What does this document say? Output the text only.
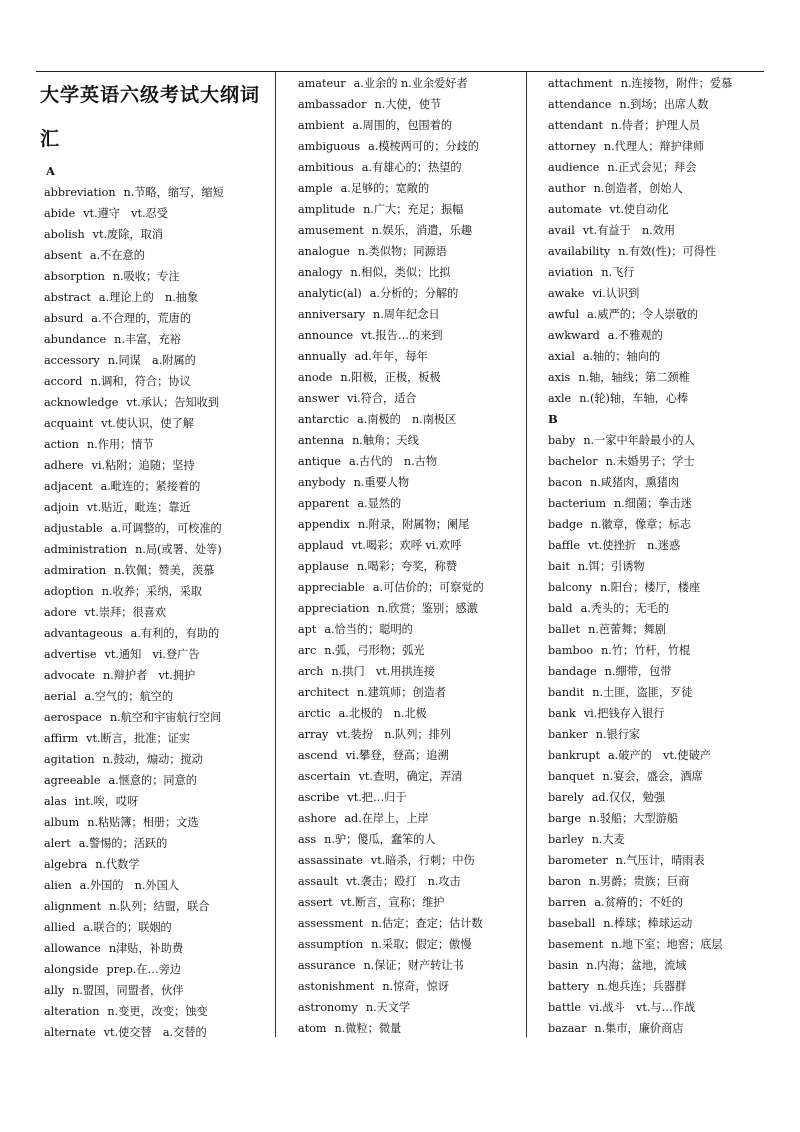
大学英语六级考试大纲词汇
A
abbreviation n.节略，缩写，缩短
abide vt.遵守　vt.忍受
abolish vt.废除，取消
absent a.不在意的
absorption n.吸收；专注
abstract a.理论上的　n.抽象
absurd a.不合理的，荒唐的
abundance n.丰富，充裕
accessory n.同谋　a.附属的
accord n.调和，符合；协议
acknowledge vt.承认；告知收到
acquaint vt.使认识，使了解
action n.作用；情节
adhere vi.粘附；追随；坚持
adjacent a.毗连的；紧接着的
adjoin vt.贴近，毗连；靠近
adjustable a.可调整的，可校准的
administration n.局(或署、处等)
admiration n.钦佩；赞美，羡慕
adoption n.收养；采纳，采取
adore vt.崇拜；很喜欢
advantageous a.有利的，有助的
advertise vt.通知　vi.登广告
advocate n.辩护者　vt.拥护
aerial a.空气的；航空的
aerospace n.航空和宇宙航行空间
affirm vt.断言，批准；证实
agitation n.鼓动，煽动；搅动
agreeable a.惬意的；同意的
alas int.唉，哎呀
album n.粘贴簿；相册；文选
alert a.警惕的；活跃的
algebra n.代数学
alien a.外国的　n.外国人
alignment n.队列；结盟，联合
allied a.联合的；联姻的
allowance n津贴，补助费
alongside prep.在…旁边
ally n.盟国，同盟者，伙伴
alteration n.变更，改变；蚀变
alternate vt.使交替　a.交替的
amateur a.业余的 n.业余爱好者
ambassador n.大使，使节
ambient a.周围的，包围着的
ambiguous a.模棱两可的；分歧的
ambitious a.有雄心的；热望的
ample a.足够的；宽敞的
amplitude n.广大；充足；振幅
amusement n.娱乐，消遣，乐趣
analogue n.类似物；同源语
analogy n.相似，类似；比拟
analytic(al) a.分析的；分解的
anniversary n.周年纪念日
announce vt.报告…的来到
annually ad.年年，每年
anode n.阳极，正极，板极
answer vi.符合，适合
antarctic a.南极的　n.南极区
antenna n.触角；天线
antique a.古代的　n.古物
anybody n.重要人物
apparent a.显然的
appendix n.附录，附属物；阑尾
applaud vt.喝彩；欢呼 vi.欢呼
applause n.喝彩；夸奖，称赞
appreciable a.可估价的；可察觉的
appreciation n.欣赏；鉴别；感激
apt a.恰当的；聪明的
arc n.弧，弓形物；弧光
arch n.拱门　vt.用拱连接
architect n.建筑师；创造者
arctic a.北极的　n.北极
array vt.装扮　n.队列；排列
ascend vi.攀登，登高；追溯
ascertain vt.查明，确定，弄清
ascribe vt.把…归于
ashore ad.在岸上，上岸
ass n.驴；傻瓜，蠢笨的人
assassinate vt.暗杀，行刺；中伤
assault vt.袭击；殴打　n.攻击
assert vt.断言，宣称；维护
assessment n.估定；查定；估计数
assumption n.采取；假定；傲慢
assurance n.保证；财产转让书
astonishment n.惊奇，惊讶
astronomy n.天文学
atom n.微粒；微量
attachment n.连接物，附件；爱慕
attendance n.到场；出席人数
attendant n.侍者；护理人员
attorney n.代理人；辩护律师
audience n.正式会见；拜会
author n.创造者，创始人
automate vt.使自动化
avail vt.有益于　n.效用
availability n.有效(性)；可得性
aviation n.飞行
awake vi.认识到
awful a.威严的；令人崇敬的
awkward a.不雅观的
axial a.轴的；轴向的
axis n.轴，轴线；第二颈椎
axle n.(轮)轴，车轴，心棒
B
baby n.一家中年龄最小的人
bachelor n.未婚男子；学士
bacon n.咸猪肉，熏猪肉
bacterium n.细菌；拳击迷
badge n.徽章，像章；标志
baffle vt.使挫折　n.迷惑
bait n.饵；引诱物
balcony n.阳台；楼厅，楼座
bald a.秃头的；无毛的
ballet n.芭蕾舞；舞剧
bamboo n.竹；竹杆，竹棍
bandage n.绷带，包带
bandit n.土匪，盗匪，歹徒
bank vi.把钱存入银行
banker n.银行家
bankrupt a.破产的　vt.使破产
banquet n.宴会，盛会，酒席
barely ad.仅仅，勉强
barge n.驳船；大型游船
barley n.大麦
barometer n.气压计，晴雨表
baron n.男爵；贵族；巨商
barren a.贫瘠的；不妊的
baseball n.棒球；棒球运动
basement n.地下室；地窖；底层
basin n.内海；盆地，流域
battery n.炮兵连；兵器群
battle vi.战斗　vt.与…作战
bazaar n.集市，廉价商店
